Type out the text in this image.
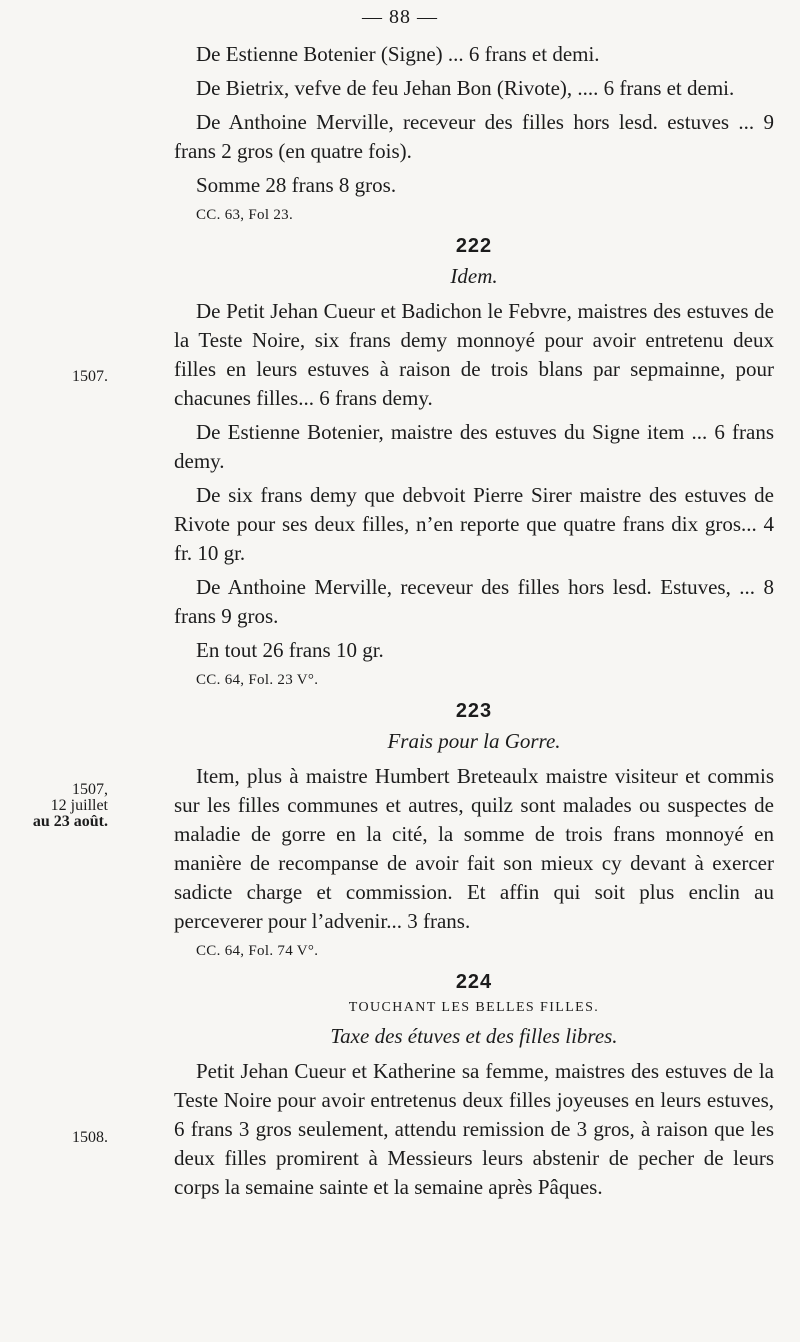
— 88 —
1507.
1507,
12 juillet
au 23 août.
1508.

De Estienne Botenier (Signe) ... 6 frans et demi.

De Bietrix, vefve de feu Jehan Bon (Rivote), .... 6 frans et demi.

De Anthoine Merville, receveur des filles hors lesd. estuves ... 9 frans 2 gros (en quatre fois).

Somme 28 frans 8 gros.

CC. 63, Fol 23.
222
Idem.

De Petit Jehan Cueur et Badichon le Febvre, maistres des estuves de la Teste Noire, six frans demy monnoyé pour avoir entretenu deux filles en leurs estuves à raison de trois blans par sepmainne, pour chacunes filles... 6 frans demy.

De Estienne Botenier, maistre des estuves du Signe item ... 6 frans demy.

De six frans demy que debvoit Pierre Sirer maistre des estuves de Rivote pour ses deux filles, n’en reporte que quatre frans dix gros... 4 fr. 10 gr.

De Anthoine Merville, receveur des filles hors lesd. Estuves, ... 8 frans 9 gros.

En tout 26 frans 10 gr.

CC. 64, Fol. 23 V°.
223
Frais pour la Gorre.

Item, plus à maistre Humbert Breteaulx maistre visiteur et commis sur les filles communes et autres, quilz sont malades ou suspectes de maladie de gorre en la cité, la somme de trois frans monnoyé en manière de recompanse de avoir fait son mieux cy devant à exercer sadicte charge et commission. Et affin qui soit plus enclin au perceverer pour l’advenir... 3 frans.

CC. 64, Fol. 74 V°.
224
TOUCHANT LES BELLES FILLES.
Taxe des étuves et des filles libres.

Petit Jehan Cueur et Katherine sa femme, maistres des estuves de la Teste Noire pour avoir entretenus deux filles joyeuses en leurs estuves, 6 frans 3 gros seulement, attendu remission de 3 gros, à raison que les deux filles promirent à Messieurs leurs abstenir de pecher de leurs corps la semaine sainte et la semaine après Pâques.
